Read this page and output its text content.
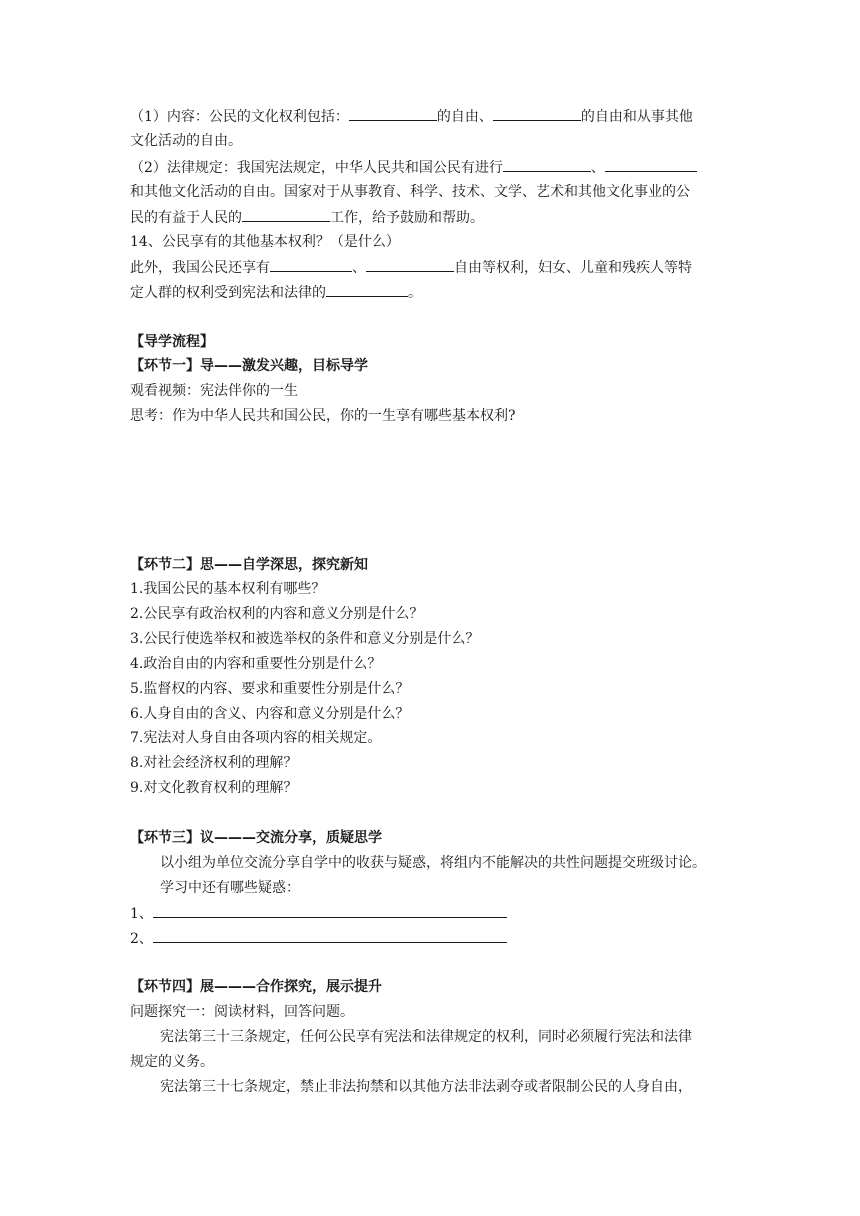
（1）内容：公民的文化权利包括：	的自由、	的自由和从事其他
文化活动的自由。
（2）法律规定：我国宪法规定，中华人民共和国公民有进行	、
和其他文化活动的自由。国家对于从事教育、科学、技术、文学、艺术和其他文化事业的公
民的有益于人民的	工作，给予鼓励和帮助。
14、公民享有的其他基本权利？（是什么）
此外，我国公民还享有	、	自由等权利，妇女、儿童和残疾人等特
定人群的权利受到宪法和法律的	。
【导学流程】
【环节一】导——激发兴趣，目标导学
观看视频：宪法伴你的一生
思考：作为中华人民共和国公民，你的一生享有哪些基本权利?
【环节二】思——自学深思，探究新知
1.我国公民的基本权利有哪些？
2.公民享有政治权利的内容和意义分别是什么？
3.公民行使选举权和被选举权的条件和意义分别是什么？
4.政治自由的内容和重要性分别是什么？
5.监督权的内容、要求和重要性分别是什么？
6.人身自由的含义、内容和意义分别是什么？
7.宪法对人身自由各项内容的相关规定。
8.对社会经济权利的理解？
9.对文化教育权利的理解？
【环节三】议———交流分享，质疑思学
以小组为单位交流分享自学中的收获与疑惑，将组内不能解决的共性问题提交班级讨论。
学习中还有哪些疑惑：
1、
2、
【环节四】展———合作探究，展示提升
问题探究一：阅读材料，回答问题。
宪法第三十三条规定，任何公民享有宪法和法律规定的权利，同时必须履行宪法和法律
规定的义务。
宪法第三十七条规定，禁止非法拘禁和以其他方法非法剥夺或者限制公民的人身自由，
